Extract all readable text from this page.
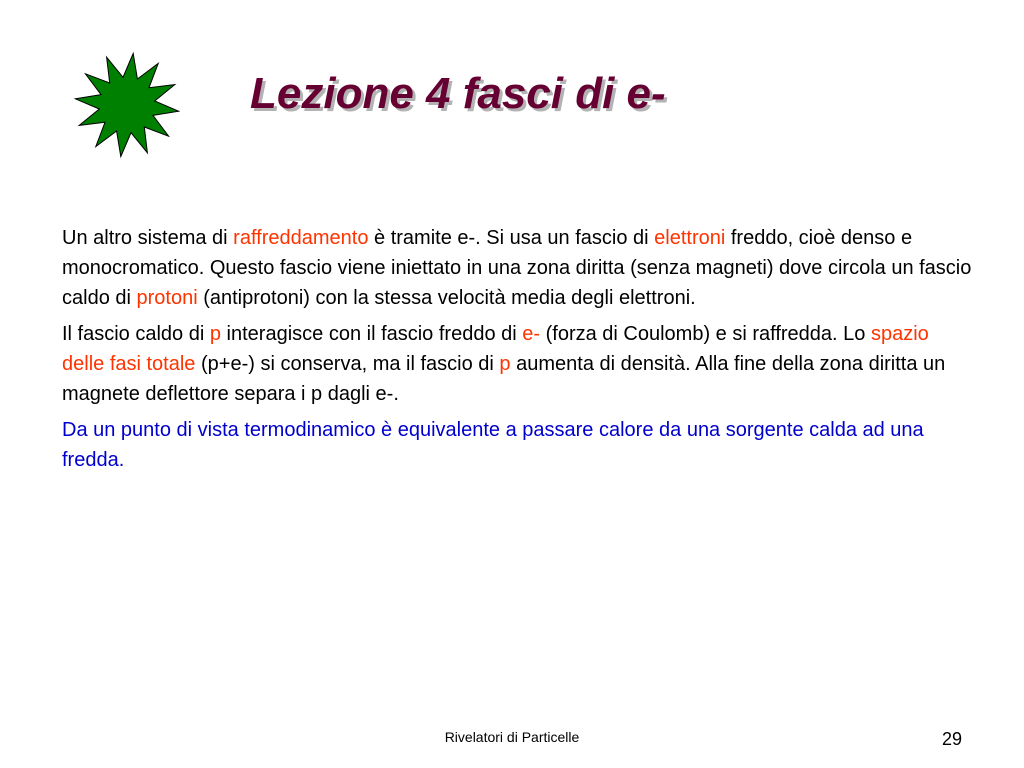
Lezione 4 fasci di e-

Un altro sistema di raffreddamento è tramite e-. Si usa un fascio di elettroni freddo, cioè denso e monocromatico. Questo fascio viene iniettato in una zona diritta (senza magneti) dove circola un fascio caldo di protoni (antiprotoni) con la stessa velocità media degli elettroni.

Il fascio caldo di p interagisce con il fascio freddo di e- (forza di Coulomb) e si raffredda. Lo spazio delle fasi totale (p+e-) si conserva, ma il fascio di p aumenta di densità. Alla fine della zona diritta un magnete deflettore separa i p dagli e-.

Da un punto di vista termodinamico è equivalente a passare calore da una sorgente calda ad una fredda.

Rivelatori di Particelle	29
